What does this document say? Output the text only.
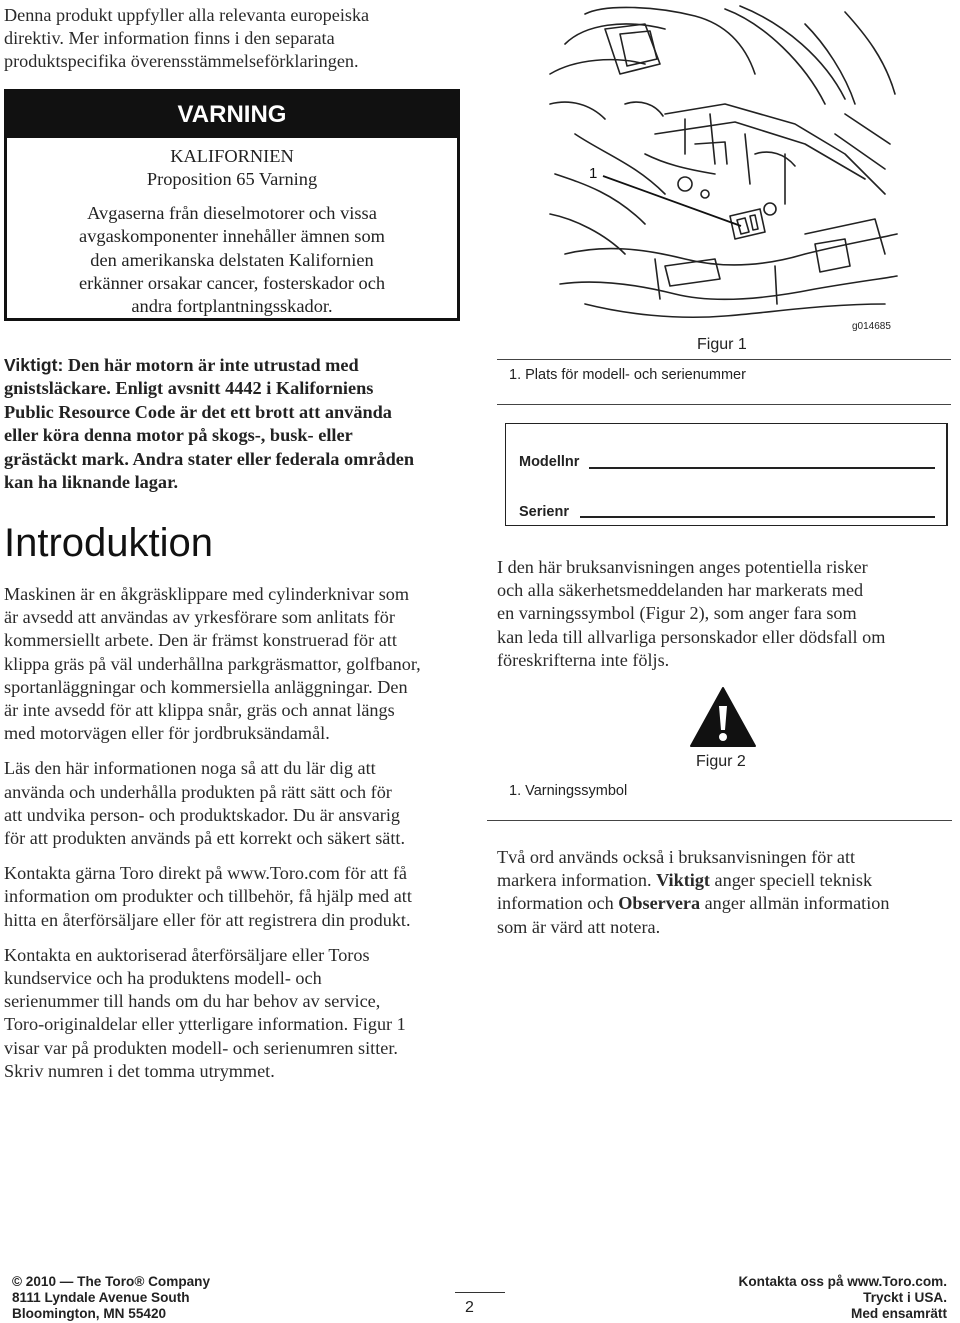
Denna produkt uppfyller alla relevanta europeiska
direktiv. Mer information finns i den separata
produktspecifika överensstämmelseförklaringen.
VARNING
KALIFORNIEN
Proposition 65 Varning
Avgaserna från dieselmotorer och vissa
avgaskomponenter innehåller ämnen som
den amerikanska delstaten Kalifornien
erkänner orsakar cancer, fosterskador och
andra fortplantningsskador.
Viktigt: Den här motorn är inte utrustad med
gnistsläckare. Enligt avsnitt 4442 i Kaliforniens
Public Resource Code är det ett brott att använda
eller köra denna motor på skogs-, busk- eller
grästäckt mark. Andra stater eller federala områden
kan ha liknande lagar.
Introduktion

Maskinen är en åkgräsklippare med cylinderknivar som
är avsedd att användas av yrkesförare som anlitats för
kommersiellt arbete. Den är främst konstruerad för att
klippa gräs på väl underhållna parkgräsmattor, golfbanor,
sportanläggningar och kommersiella anläggningar. Den
är inte avsedd för att klippa snår, gräs och annat längs
med motorvägen eller för jordbruksändamål.

Läs den här informationen noga så att du lär dig att
använda och underhålla produkten på rätt sätt och för
att undvika person- och produktskador. Du är ansvarig
för att produkten används på ett korrekt och säkert sätt.

Kontakta gärna Toro direkt på www.Toro.com för att få
information om produkter och tillbehör, få hjälp med att
hitta en återförsäljare eller för att registrera din produkt.

Kontakta en auktoriserad återförsäljare eller Toros
kundservice och ha produktens modell- och
serienummer till hands om du har behov av service,
Toro-originaldelar eller ytterligare information. Figur 1
visar var på produkten modell- och serienumren sitter.
Skriv numren i det tomma utrymmet.

1
g014685
Figur 1
1. Plats för modell- och serienummer
Modellnr
Serienr
I den här bruksanvisningen anges potentiella risker
och alla säkerhetsmeddelanden har markerats med
en varningssymbol (Figur 2), som anger fara som
kan leda till allvarliga personskador eller dödsfall om
föreskrifterna inte följs.
Figur 2
1. Varningssymbol
Två ord används också i bruksanvisningen för att
markera information. Viktigt anger speciell teknisk
information och Observera anger allmän information
som är värd att notera.
© 2010 — The Toro® Company
8111 Lyndale Avenue South
Bloomington, MN 55420	2
Kontakta oss på www.Toro.com.
Tryckt i USA.
Med ensamrätt
